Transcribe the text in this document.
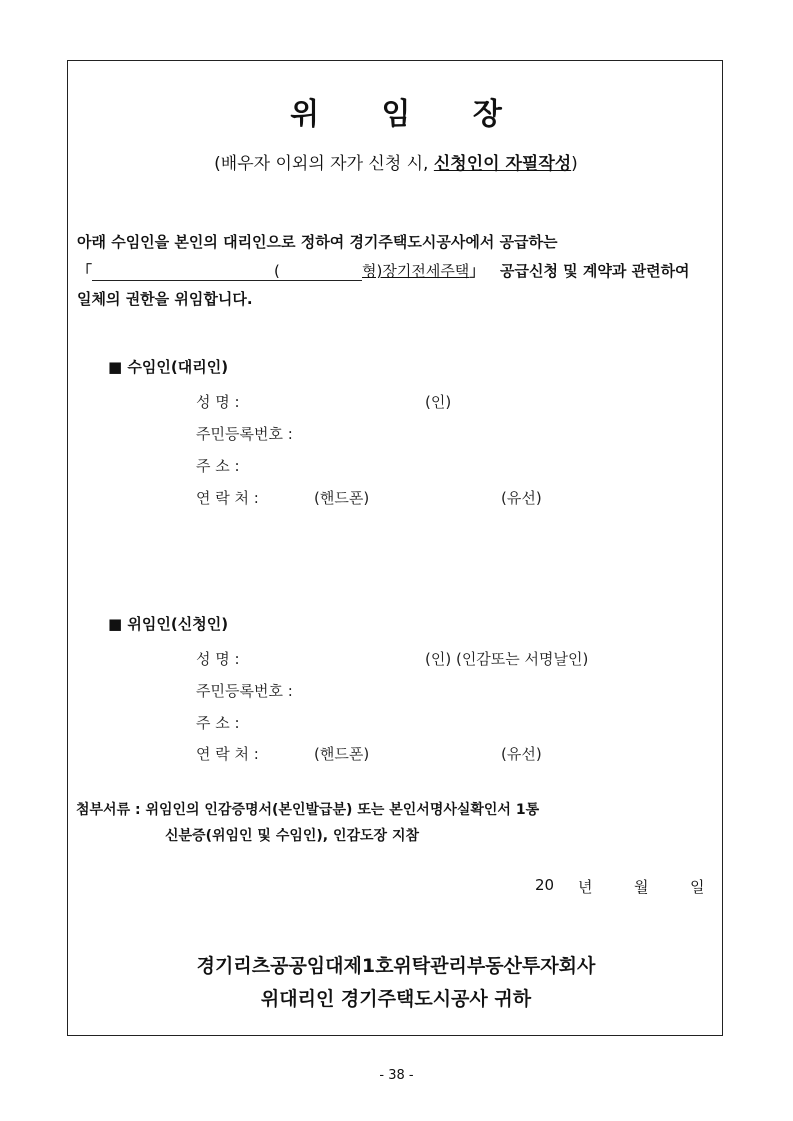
위 임 장
(배우자 이외의 자가 신청 시, 신청인이 자필작성)
아래 수임인을 본인의 대리인으로 정하여 경기주택도시공사에서 공급하는
「	(	형)장기전세주택」 공급신청 및 계약과 관련하여
일체의 권한을 위임합니다.
■ 수임인(대리인)
성 명 :	(인)
주민등록번호 :
주 소 :
연 락 처 :	(핸드폰)	(유선)
■ 위임인(신청인)
성 명 :	(인) (인감또는 서명날인)
주민등록번호 :
주 소 :
연 락 처 :	(핸드폰)	(유선)
첨부서류 : 위임인의 인감증명서(본인발급분) 또는 본인서명사실확인서 1통
신분증(위임인 및 수임인), 인감도장 지참
20 년	월	일
경기리츠공공임대제1호위탁관리부동산투자회사
위대리인 경기주택도시공사 귀하
- 38 -
